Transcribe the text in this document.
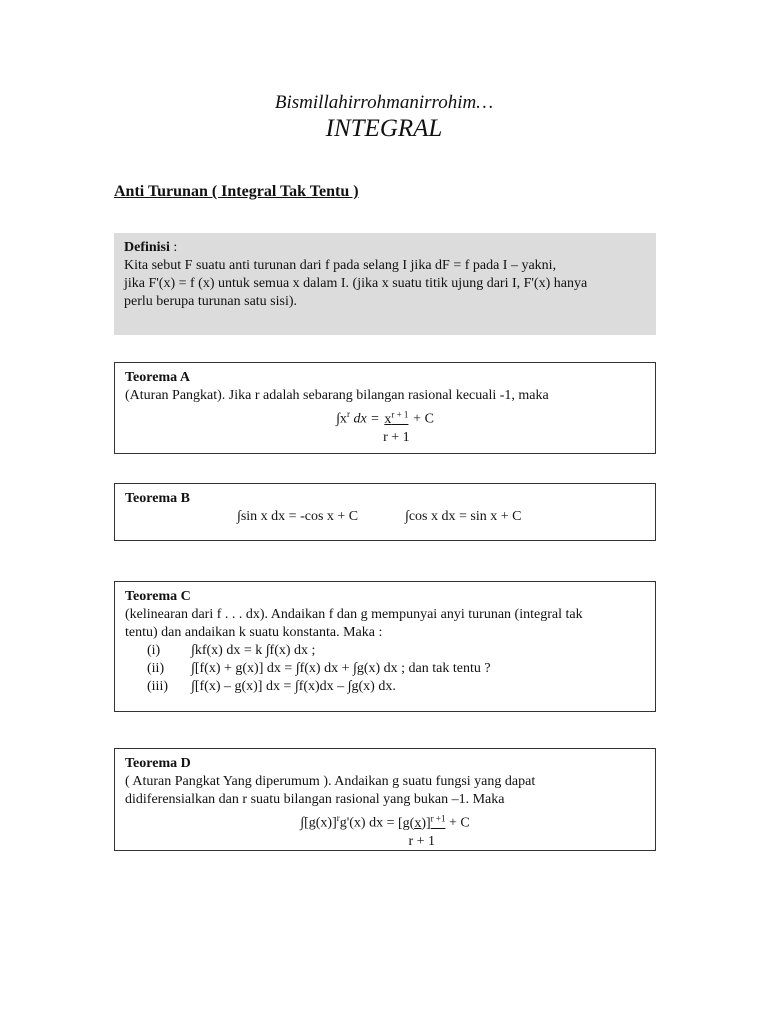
Bismillahirrohmanirrohim…
INTEGRAL
Anti Turunan ( Integral Tak Tentu )
Definisi :
Kita sebut F suatu anti turunan dari f pada selang I jika dF = f pada I – yakni,
jika F'(x) = f (x) untuk semua x dalam I. (jika x suatu titik ujung dari I, F'(x) hanya
perlu berupa turunan satu sisi).
Teorema A
(Aturan Pangkat). Jika r adalah sebarang bilangan rasional kecuali -1, maka
$\int x^r$ dx = $\frac{x^{r + 1}}{r + 1} + C$
Teorema B
∫sin x dx = -cos x + C	∫cos x dx = sin x + C
Teorema C
(kelinearan dari f . . . dx). Andaikan f dan g mempunyai anyi turunan (integral tak
tentu) dan andaikan k suatu konstanta. Maka :
(i)	∫kf(x) dx = k ∫f(x) dx ;
(ii)	∫[f(x) + g(x)] dx = ∫f(x) dx + ∫g(x) dx ; dan tak tentu ?
(iii)	∫[f(x) – g(x)] dx = ∫f(x)dx – ∫g(x) dx.
Teorema D
( Aturan Pangkat Yang diperumum ). Andaikan g suatu fungsi yang dapat
didiferensialkan dan r suatu bilangan rasional yang bukan –1. Maka
$\int[g(x)]^rg'(x)$ dx = $\frac{[g(x)]^{r +1}}{r + 1} + C$
